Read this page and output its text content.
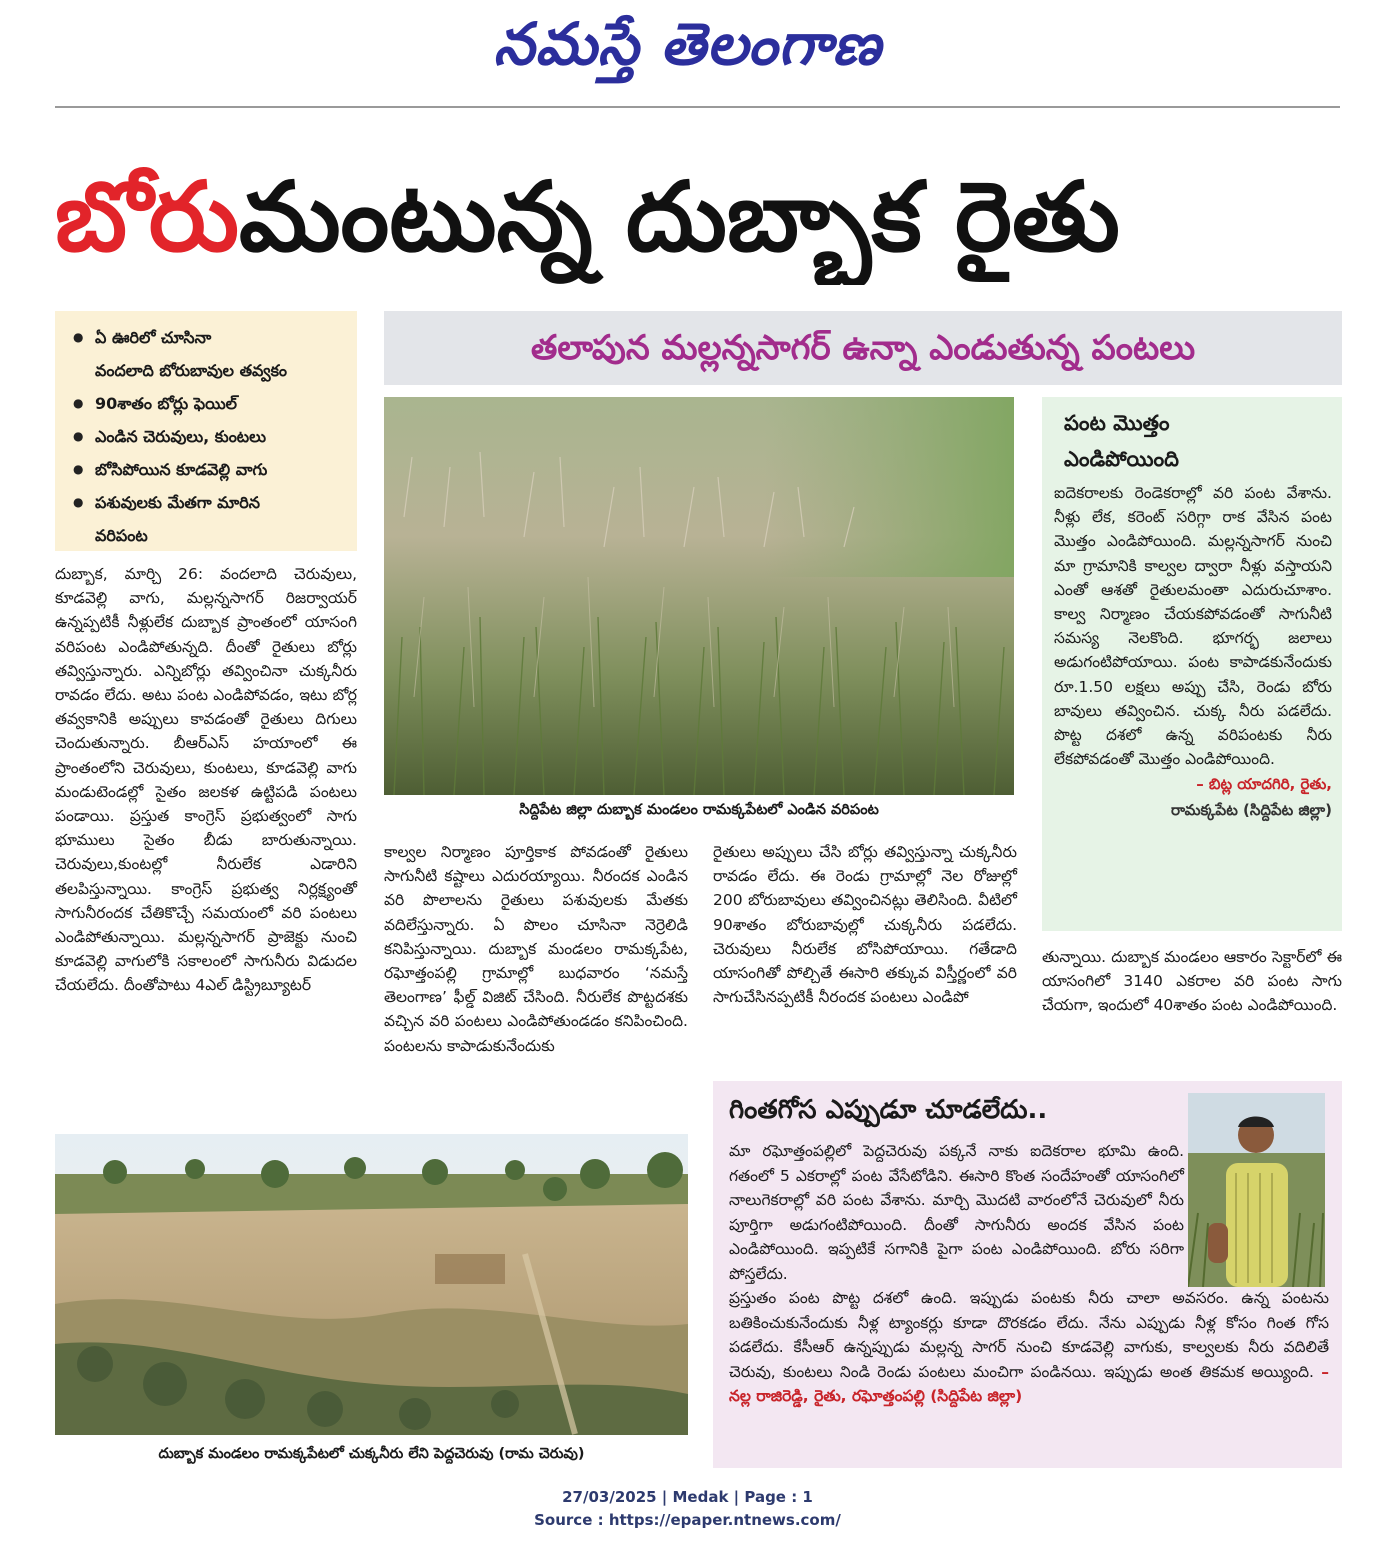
నమస్తే తెలంగాణ
బోరుమంటున్న దుబ్బాక రైతు
● ఏ ఊరిలో చూసినా
వందలాది బోరుబావుల తవ్వకం
● 90శాతం బోర్లు ఫెయిల్
● ఎండిన చెరువులు, కుంటలు
● బోసిపోయిన కూడవెల్లి వాగు
● పశువులకు మేతగా మారిన
వరిపంట
తలాపున మల్లన్నసాగర్ ఉన్నా ఎండుతున్న పంటలు
సిద్దిపేట జిల్లా దుబ్బాక మండలం రామక్కపేటలో ఎండిన వరిపంట
పంట మొత్తం
ఎండిపోయింది
ఐదెకరాలకు రెండెకరాల్లో వరి పంట వేశాను. నీళ్లు లేక, కరెంట్ సరిగ్గా రాక వేసిన పంట మొత్తం ఎండిపోయింది. మల్లన్నసాగర్ నుంచి మా గ్రామానికి కాల్వల ద్వారా నీళ్లు వస్తాయని ఎంతో ఆశతో రైతులమంతా ఎదురుచూశాం. కాల్వ నిర్మాణం చేయకపోవడంతో సాగునీటి సమస్య నెలకొంది. భూగర్భ జలాలు అడుగంటిపోయాయి. పంట కాపాడకునేందుకు రూ.1.50 లక్షలు అప్పు చేసి, రెండు బోరు బావులు తవ్వించిన. చుక్క నీరు పడలేదు. పొట్ట దశలో ఉన్న వరిపంటకు నీరు లేకపోవడంతో మొత్తం ఎండిపోయింది.
– బిట్ల యాదగిరి, రైతు,
రామక్కపేట (సిద్దిపేట జిల్లా)
దుబ్బాక, మార్చి 26: వందలాది చెరువులు, కూడవెల్లి వాగు, మల్లన్నసాగర్ రిజర్వాయర్ ఉన్నప్పటికీ నీళ్లులేక దుబ్బాక ప్రాంతంలో యాసంగి వరిపంట ఎండిపోతున్నది. దీంతో రైతులు బోర్లు తవ్విస్తున్నారు. ఎన్నిబోర్లు తవ్వించినా చుక్కనీరు రావడం లేదు. అటు పంట ఎండిపోవడం, ఇటు బోర్ల తవ్వకానికి అప్పులు కావడంతో రైతులు దిగులు చెందుతున్నారు. బీఆర్ఎస్ హయాంలో ఈ ప్రాంతంలోని చెరువులు, కుంటలు, కూడవెల్లి వాగు మండుటెండల్లో సైతం జలకళ ఉట్టిపడి పంటలు పండాయి. ప్రస్తుత కాంగ్రెస్ ప్రభుత్వంలో సాగు భూములు సైతం బీడు బారుతున్నాయి. చెరువులు,కుంటల్లో నీరులేక ఎడారిని తలపిస్తున్నాయి. కాంగ్రెస్ ప్రభుత్వ నిర్లక్ష్యంతో సాగునీరందక చేతికొచ్చే సమయంలో వరి పంటలు ఎండిపోతున్నాయి. మల్లన్నసాగర్ ప్రాజెక్టు నుంచి కూడవెల్లి వాగులోకి సకాలంలో సాగునీరు విడుదల చేయలేదు. దీంతోపాటు 4ఎల్ డిస్ట్రిబ్యూటర్
కాల్వల నిర్మాణం పూర్తికాక పోవడంతో రైతులు సాగునీటి కష్టాలు ఎదురయ్యాయి. నీరందక ఎండిన వరి పొలాలను రైతులు పశువులకు మేతకు వదిలేస్తున్నారు. ఏ పొలం చూసినా నెర్రెలిడి కనిపిస్తున్నాయి. దుబ్బాక మండలం రామక్కపేట, రఘోత్తంపల్లి గ్రామాల్లో బుధవారం ‘నమస్తే తెలంగాణ’ ఫీల్డ్ విజిట్ చేసింది. నీరులేక పొట్టదశకు వచ్చిన వరి పంటలు ఎండిపోతుండడం కనిపించింది. పంటలను కాపాడుకునేందుకు
రైతులు అప్పులు చేసి బోర్లు తవ్విస్తున్నా చుక్కనీరు రావడం లేదు. ఈ రెండు గ్రామాల్లో నెల రోజుల్లో 200 బోరుబావులు తవ్వించినట్లు తెలిసింది. వీటిలో 90శాతం బోరుబావుల్లో చుక్కనీరు పడలేదు. చెరువులు నీరులేక బోసిపోయాయి. గతేడాది యాసంగితో పోల్చితే ఈసారి తక్కువ విస్తీర్ణంలో వరి సాగుచేసినప్పటికీ నీరందక పంటలు ఎండిపో
తున్నాయి. దుబ్బాక మండలం ఆకారం సెక్టార్‌లో ఈ యాసంగిలో 3140 ఎకరాల వరి పంట సాగు చేయగా, ఇందులో 40శాతం పంట ఎండిపోయింది.
దుబ్బాక మండలం రామక్కపేటలో చుక్కనీరు లేని పెద్దచెరువు (రామ చెరువు)
గింతగోస ఎప్పుడూ చూడలేదు..
మా రఘోత్తంపల్లిలో పెద్దచెరువు పక్కనే నాకు ఐదెకరాల భూమి ఉంది. గతంలో 5 ఎకరాల్లో పంట వేసేటోడిని. ఈసారి కొంత సందేహంతో యాసంగిలో నాలుగెకరాల్లో వరి పంట వేశాను. మార్చి మొదటి వారంలోనే చెరువులో నీరు పూర్తిగా అడుగంటిపోయింది. దీంతో సాగునీరు అందక వేసిన పంట ఎండిపోయింది. ఇప్పటికే సగానికి పైగా పంట ఎండిపోయింది. బోరు సరిగా పోస్తలేదు.
ప్రస్తుతం పంట పొట్ట దశలో ఉంది. ఇప్పుడు పంటకు నీరు చాలా అవసరం. ఉన్న పంటను బతికించుకునేందుకు నీళ్ల ట్యాంకర్లు కూడా దొరకడం లేదు. నేను ఎప్పుడు నీళ్ల కోసం గింత గోస పడలేదు. కేసీఆర్ ఉన్నప్పుడు మల్లన్న సాగర్ నుంచి కూడవెల్లి వాగుకు, కాల్వలకు నీరు వదిలితే చెరువు, కుంటలు నిండి రెండు పంటలు మంచిగా పండినయి. ఇప్పుడు అంత తికమక అయ్యింది. – నల్ల రాజిరెడ్డి, రైతు, రఘోత్తంపల్లి (సిద్దిపేట జిల్లా)
27/03/2025 | Medak | Page : 1
Source : https://epaper.ntnews.com/
